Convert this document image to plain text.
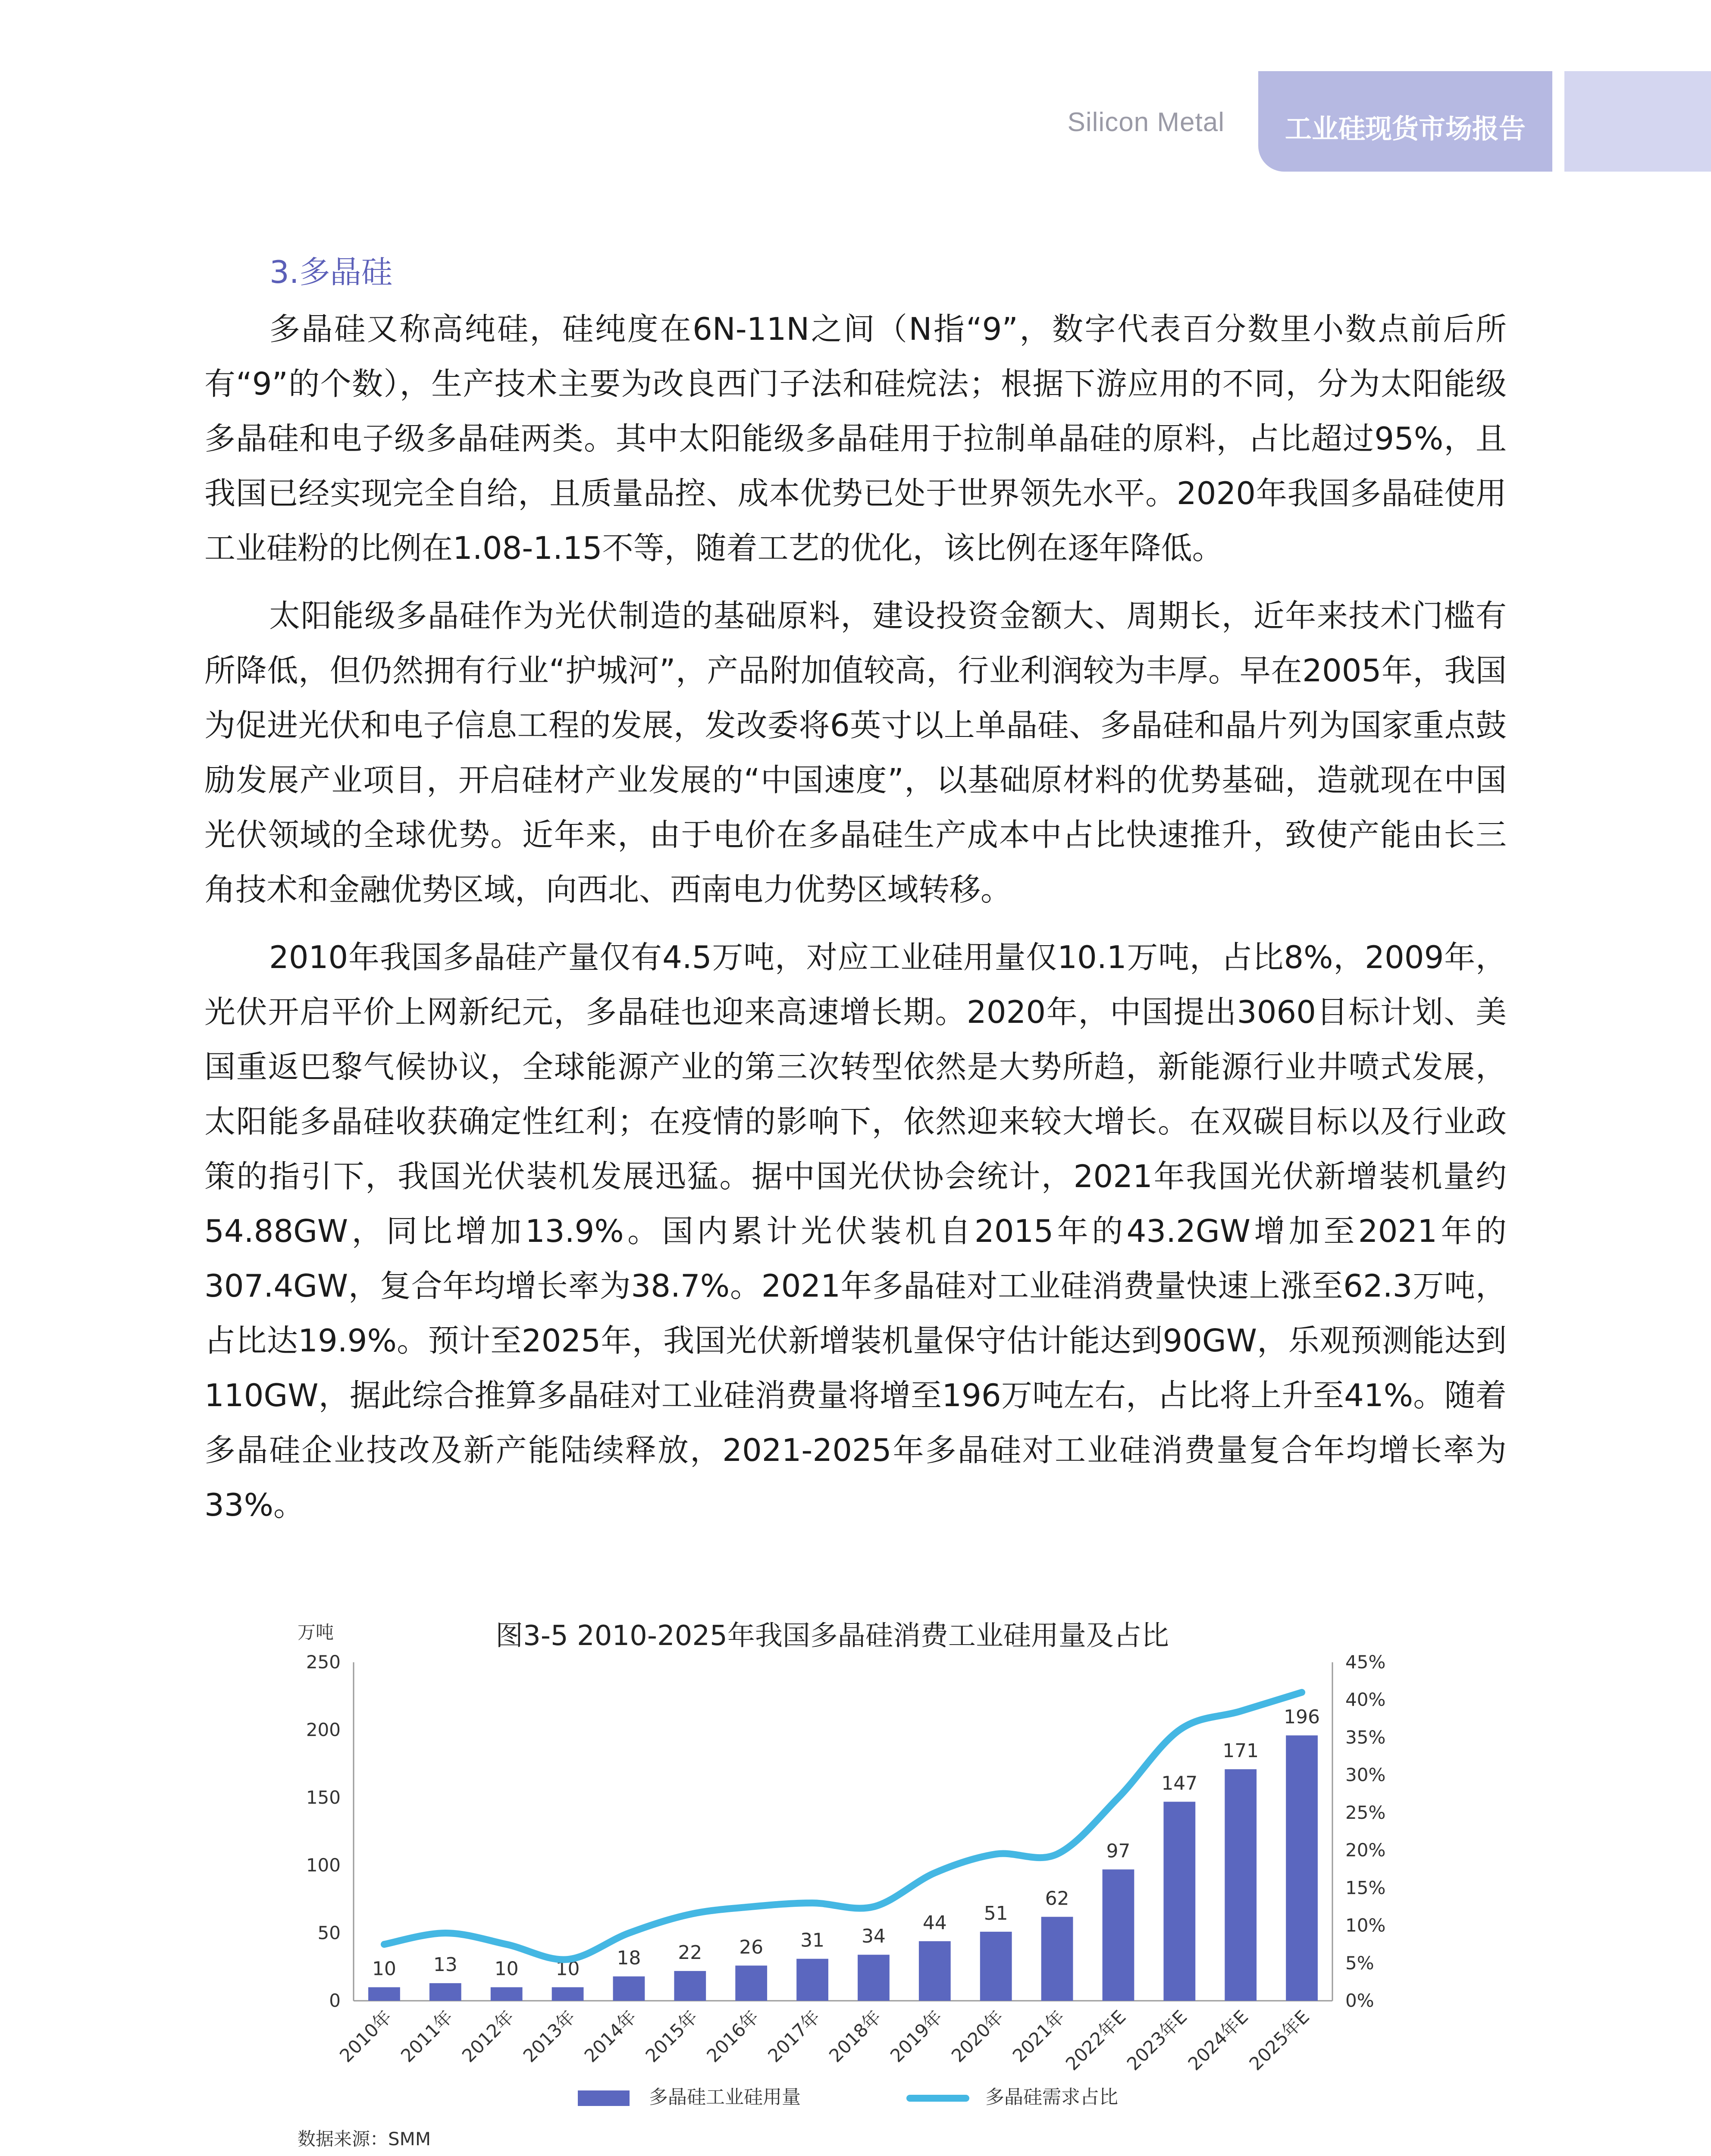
Silicon Metal	工业硅现货市场报告
3.多晶硅

多晶硅又称高纯硅，硅纯度在6N-11N之间（N指“9”，数字代表百分数里小数点前后所有“9”的个数），生产技术主要为改良西门子法和硅烷法；根据下游应用的不同，分为太阳能级多晶硅和电子级多晶硅两类。其中太阳能级多晶硅用于拉制单晶硅的原料，占比超过95%，且我国已经实现完全自给，且质量品控、成本优势已处于世界领先水平。2020年我国多晶硅使用工业硅粉的比例在1.08-1.15不等，随着工艺的优化，该比例在逐年降低。

太阳能级多晶硅作为光伏制造的基础原料，建设投资金额大、周期长，近年来技术门槛有所降低，但仍然拥有行业“护城河”，产品附加值较高，行业利润较为丰厚。早在2005年，我国为促进光伏和电子信息工程的发展，发改委将6英寸以上单晶硅、多晶硅和晶片列为国家重点鼓励发展产业项目，开启硅材产业发展的“中国速度”，以基础原材料的优势基础，造就现在中国光伏领域的全球优势。近年来，由于电价在多晶硅生产成本中占比快速推升，致使产能由长三角技术和金融优势区域，向西北、西南电力优势区域转移。

2010年我国多晶硅产量仅有4.5万吨，对应工业硅用量仅10.1万吨，占比8%，2009年，光伏开启平价上网新纪元，多晶硅也迎来高速增长期。2020年，中国提出3060目标计划、美国重返巴黎气候协议，全球能源产业的第三次转型依然是大势所趋，新能源行业井喷式发展，太阳能多晶硅收获确定性红利；在疫情的影响下，依然迎来较大增长。在双碳目标以及行业政策的指引下，我国光伏装机发展迅猛。据中国光伏协会统计，2021年我国光伏新增装机量约54.88GW，同比增加13.9%。国内累计光伏装机自2015年的43.2GW增加至2021年的307.4GW，复合年均增长率为38.7%。2021年多晶硅对工业硅消费量快速上涨至62.3万吨，占比达19.9%。预计至2025年，我国光伏新增装机量保守估计能达到90GW，乐观预测能达到110GW，据此综合推算多晶硅对工业硅消费量将增至196万吨左右，占比将上升至41%。随着多晶硅企业技改及新产能陆续释放，2021-2025年多晶硅对工业硅消费量复合年均增长率为33%。

图3-5 2010-2025年我国多晶硅消费工业硅用量及占比
万吨
数据来源：SMM
0
50
100
150
200
250
0%
5%
10%
15%
20%
25%
30%
35%
40%
45%
10 13 10 10 18 22 26 31 34
44 51
62
97
147
171
196
2010年 2011年 2012年 2013年 2014年 2015年 2016年 2017年 2018年 2019年 2020年 2021年
2022年E
2023年E
2024年E
2025年E
多晶硅工业硅用量	多晶硅需求占比
